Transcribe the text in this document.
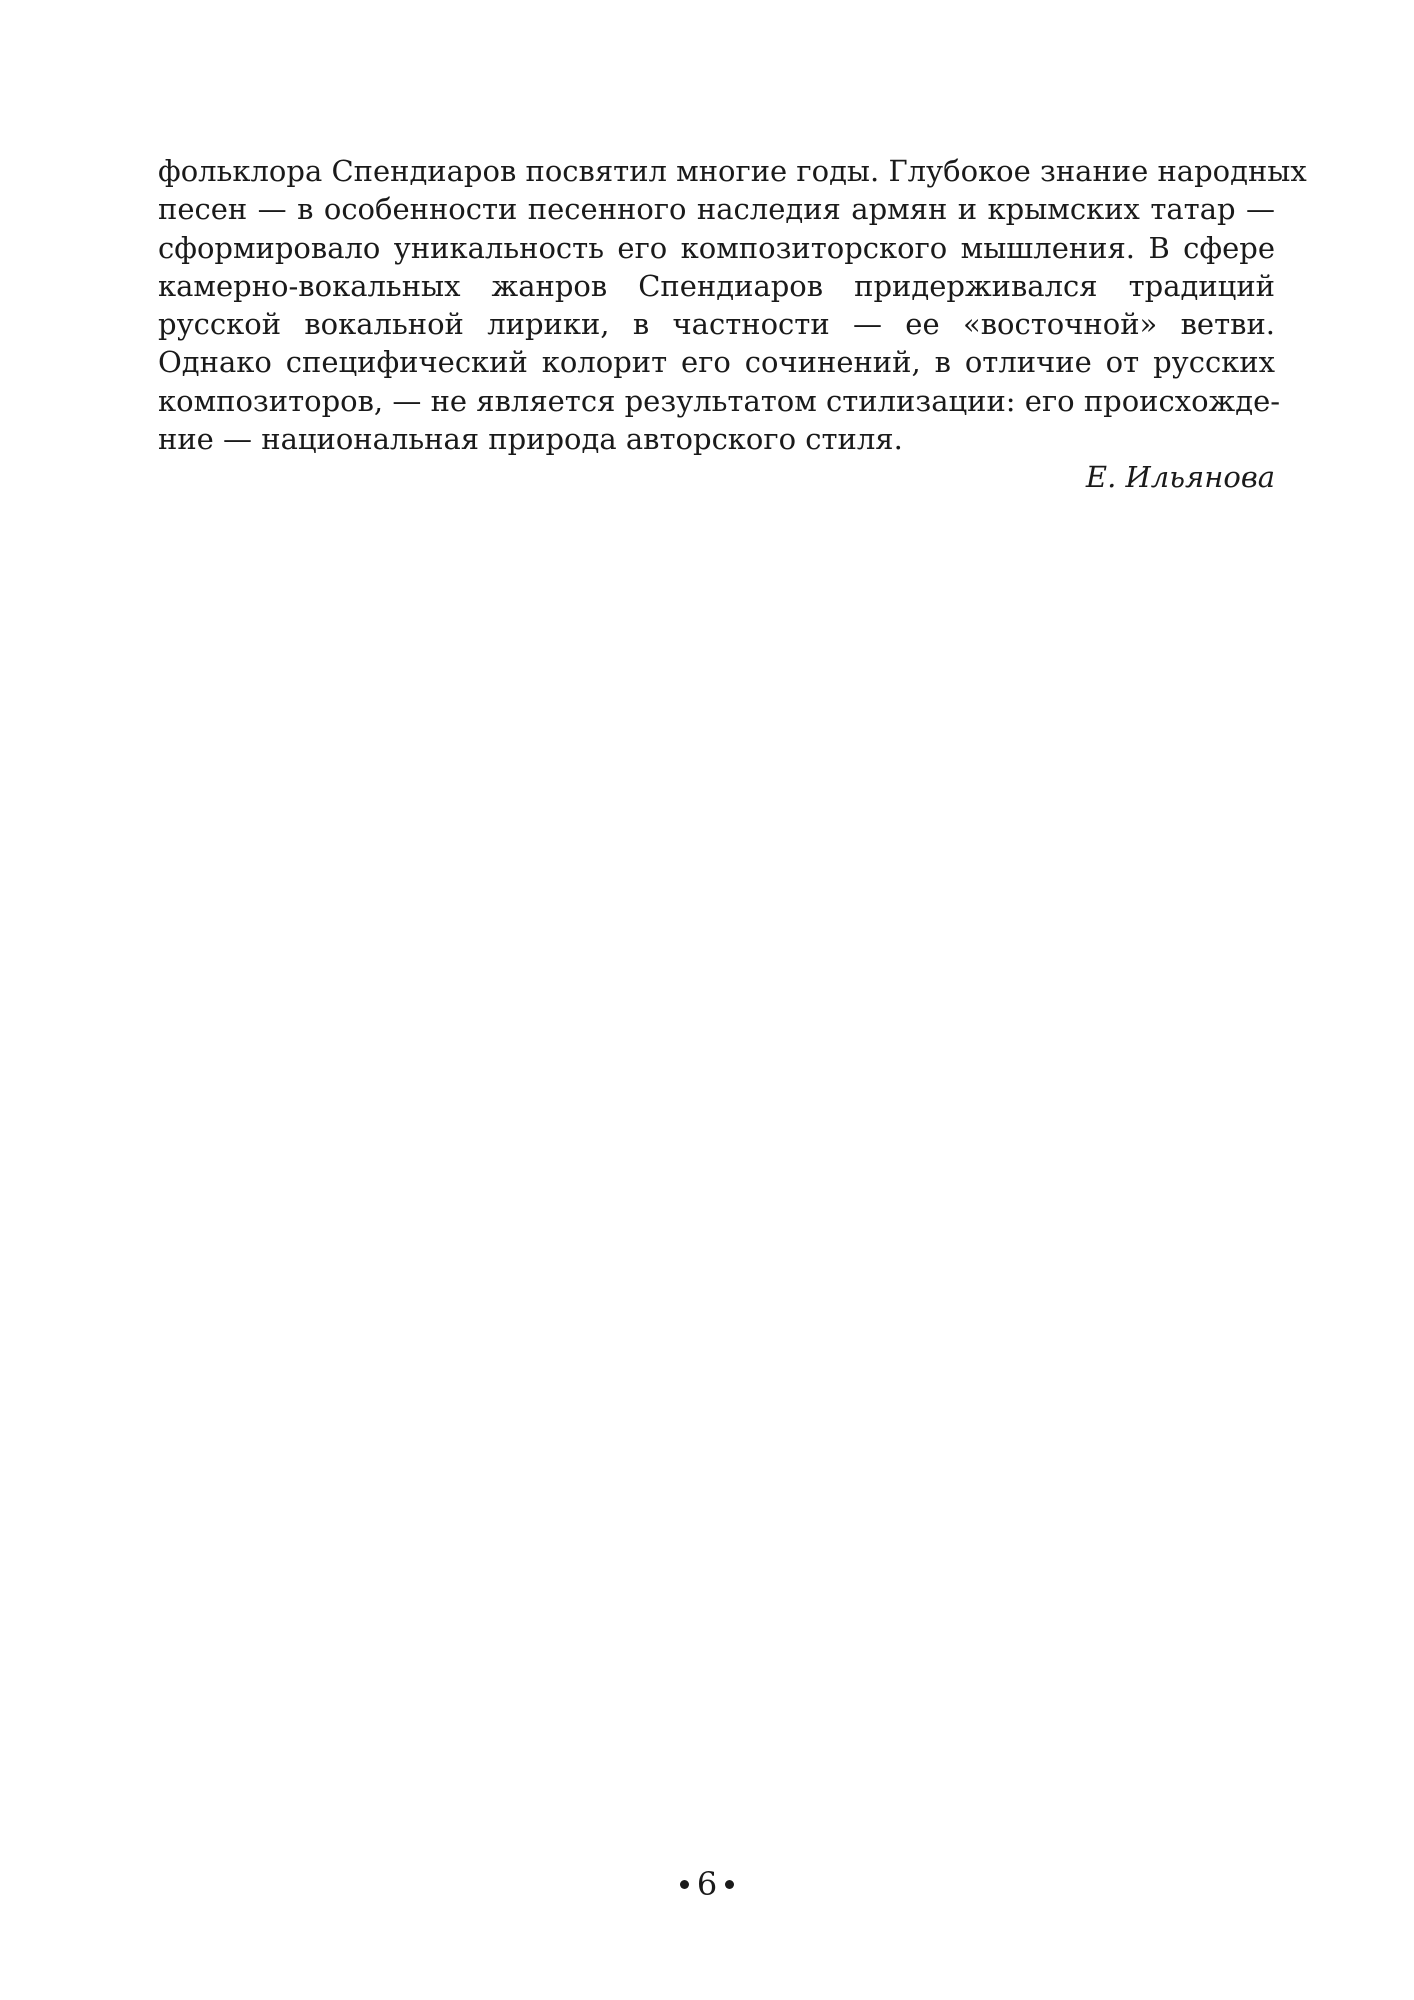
фольклора Спендиаров посвятил многие годы. Глубокое знание народных
песен — в особенности песенного наследия армян и крымских татар —
сформировало уникальность его композиторского мышления. В сфере
камерно-вокальных жанров Спендиаров придерживался традиций
русской вокальной лирики, в частности — ее «восточной» ветви.
Однако специфический колорит его сочинений, в отличие от русских
композиторов, — не является результатом стилизации: его происхожде-
ние — национальная природа авторского стиля.
Е. Ильянова
6
